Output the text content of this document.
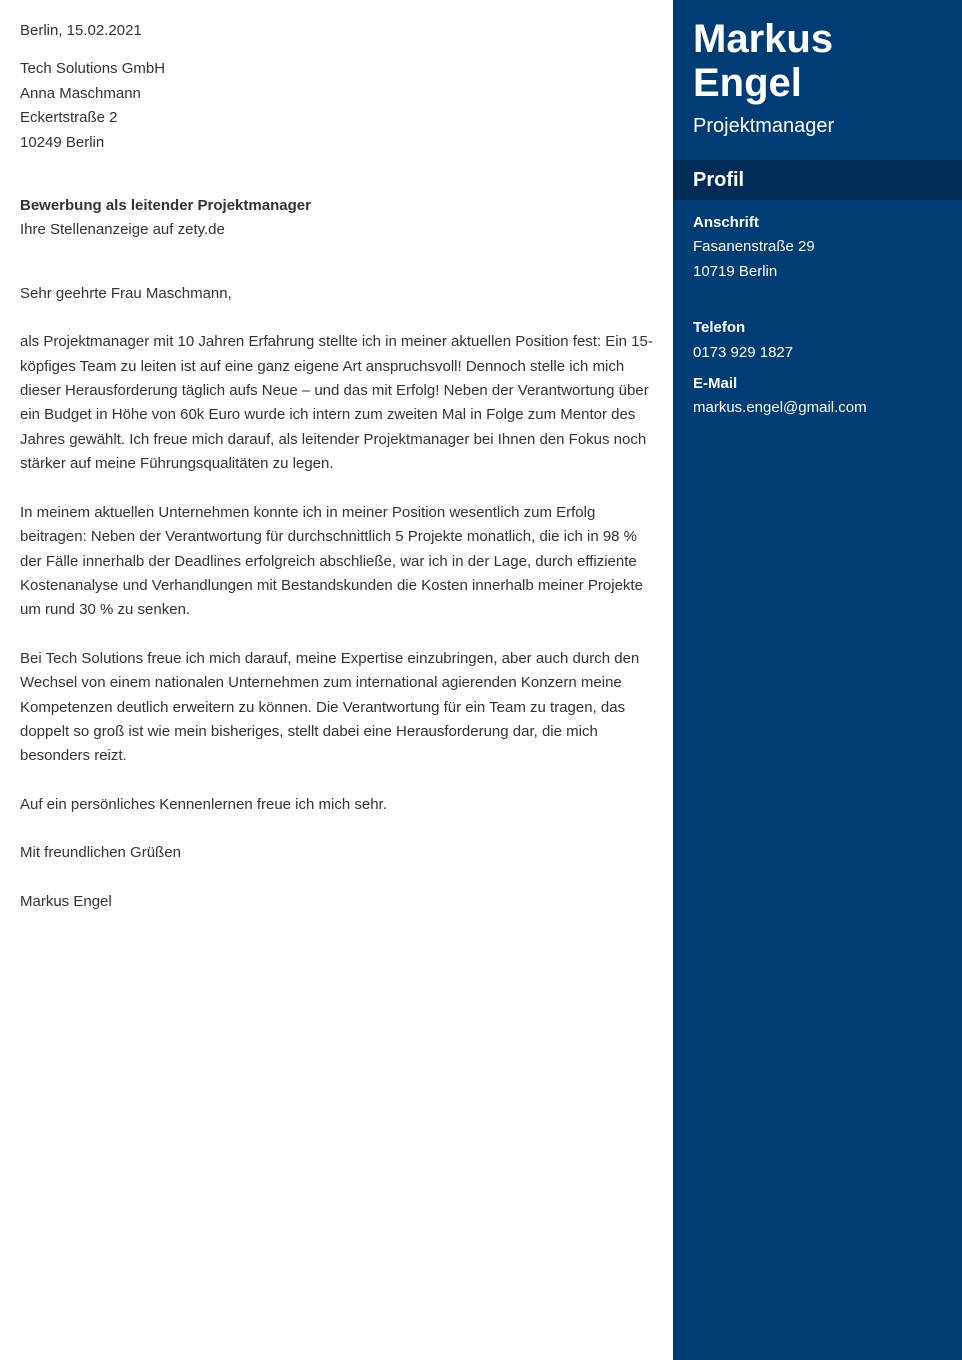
Berlin, 15.02.2021

Tech Solutions GmbH

Anna Maschmann

Eckertstraße 2

10249 Berlin

Bewerbung als leitender Projektmanager

Ihre Stellenanzeige auf zety.de

Sehr geehrte Frau Maschmann,

als Projektmanager mit 10 Jahren Erfahrung stellte ich in meiner aktuellen Position fest: Ein 15-köpfiges Team zu leiten ist auf eine ganz eigene Art anspruchsvoll! Dennoch stelle ich mich dieser Herausforderung täglich aufs Neue – und das mit Erfolg! Neben der Verantwortung über ein Budget in Höhe von 60k Euro wurde ich intern zum zweiten Mal in Folge zum Mentor des Jahres gewählt. Ich freue mich darauf, als leitender Projektmanager bei Ihnen den Fokus noch stärker auf meine Führungsqualitäten zu legen.

In meinem aktuellen Unternehmen konnte ich in meiner Position wesentlich zum Erfolg beitragen: Neben der Verantwortung für durchschnittlich 5 Projekte monatlich, die ich in 98 % der Fälle innerhalb der Deadlines erfolgreich abschließe, war ich in der Lage, durch effiziente Kostenanalyse und Verhandlungen mit Bestandskunden die Kosten innerhalb meiner Projekte um rund 30 % zu senken.

Bei Tech Solutions freue ich mich darauf, meine Expertise einzubringen, aber auch durch den Wechsel von einem nationalen Unternehmen zum international agierenden Konzern meine Kompetenzen deutlich erweitern zu können. Die Verantwortung für ein Team zu tragen, das doppelt so groß ist wie mein bisheriges, stellt dabei eine Herausforderung dar, die mich besonders reizt.

Auf ein persönliches Kennenlernen freue ich mich sehr.

Mit freundlichen Grüßen

Markus Engel

Markus
Engel

Projektmanager

Profil

Anschrift

Fasanenstraße 29

10719 Berlin

Telefon

0173 929 1827

E-Mail

markus.engel@gmail.com
